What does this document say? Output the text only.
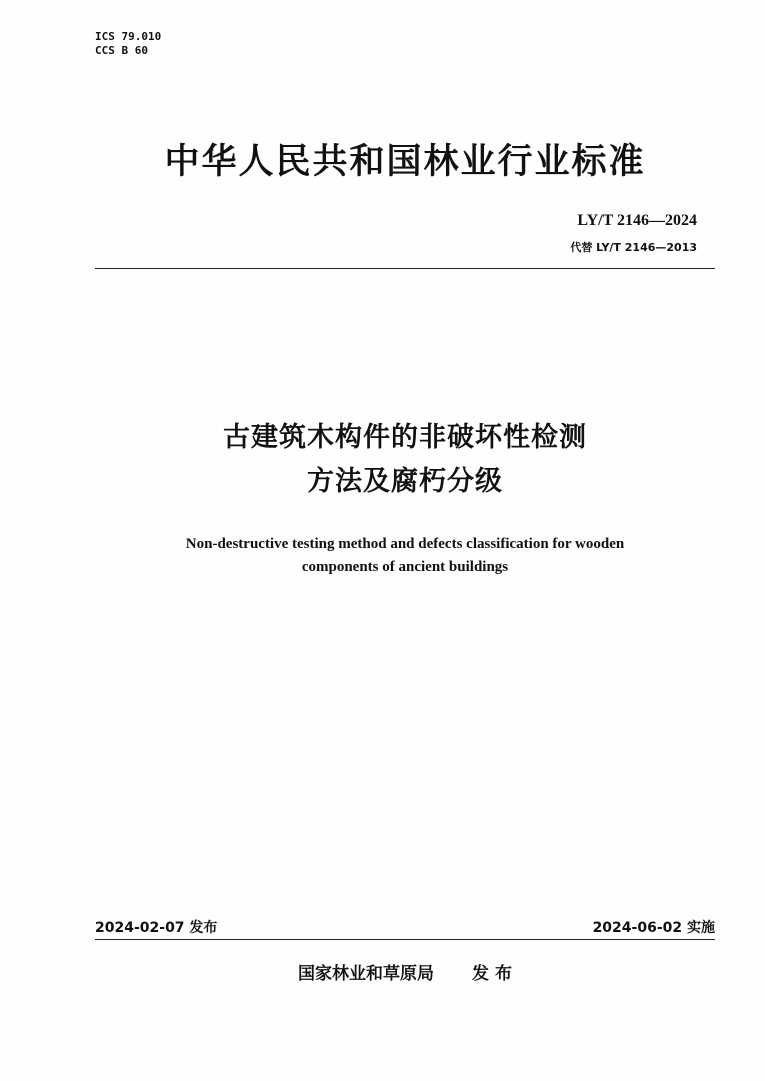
ICS 79.010
CCS B 60
中华人民共和国林业行业标准
LY/T 2146—2024
代替 LY/T 2146—2013
古建筑木构件的非破坏性检测
方法及腐朽分级
Non-destructive testing method and defects classification for wooden
components of ancient buildings
2024-02-07 发布	2024-06-02 实施
国家林业和草原局 发 布
